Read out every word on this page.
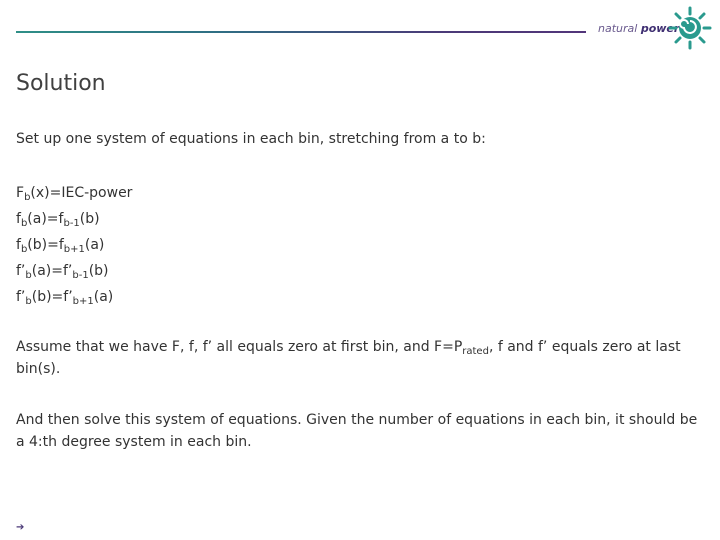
natural power
Solution
Set up one system of equations in each bin, stretching from a to b:
$F_b(x)=IEC$-power
$f_b(a)=f_{b-1}(b)$
$f_b(b)=f_{b+1}(a)$
$f’_b(a)=f’_{b-1}(b)$
$f’_b(b)=f’_{b+1}(a)$
Assume that we have F, f, f’ all equals zero at first bin, and $F=P_{rated}$, f and f’ equals zero at last bin(s).
And then solve this system of equations. Given the number of equations in each bin, it should be a 4:th degree system in each bin.
➔
